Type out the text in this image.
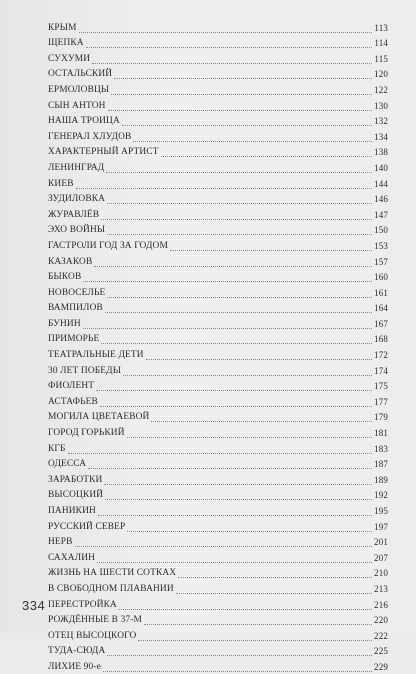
КРЫМ	113
ЩЕПКА	114
СУХУМИ	115
ОСТАЛЬСКИЙ	120
ЕРМОЛОВЦЫ	122
СЫН АНТОН	130
НАША ТРОИЦА	132
ГЕНЕРАЛ ХЛУДОВ	134
ХАРАКТЕРНЫЙ АРТИСТ	138
ЛЕНИНГРАД	140
КИЕВ	144
ЗУДИЛОВКА	146
ЖУРАВЛЁВ	147
ЭХО ВОЙНЫ	150
ГАСТРОЛИ ГОД ЗА ГОДОМ	153
КАЗАКОВ	157
БЫКОВ	160
НОВОСЕЛЬЕ	161
ВАМПИЛОВ	164
БУНИН	167
ПРИМОРЬЕ	168
ТЕАТРАЛЬНЫЕ ДЕТИ	172
30 ЛЕТ ПОБЕДЫ	174
ФИОЛЕНТ	175
АСТАФЬЕВ	177
МОГИЛА ЦВЕТАЕВОЙ	179
ГОРОД ГОРЬКИЙ	181
КГБ	183
ОДЕССА	187
ЗАРАБОТКИ	189
ВЫСОЦКИЙ	192
ПАНИКИН	195
РУССКИЙ СЕВЕР	197
НЕРВ	201
САХАЛИН	207
ЖИЗНЬ НА ШЕСТИ СОТКАХ	210
В СВОБОДНОМ ПЛАВАНИИ	213
ПЕРЕСТРОЙКА	216
РОЖДЁННЫЕ В 37-М	220
ОТЕЦ ВЫСОЦКОГО	222
ТУДА-СЮДА	225
ЛИХИЕ 90-е	229
334
